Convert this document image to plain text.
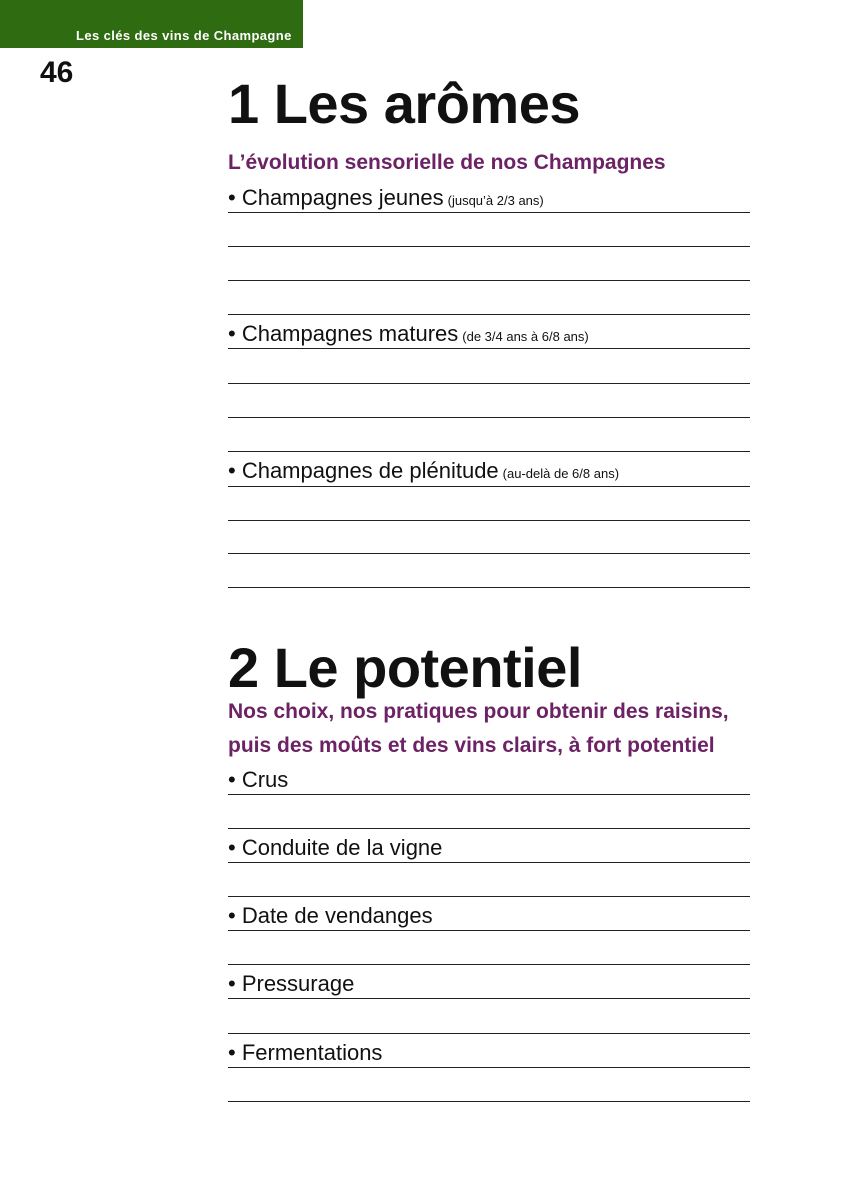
Les clés des vins de Champagne
46	1 Les arômes
L’évolution sensorielle de nos Champagnes
• Champagnes jeunes (jusqu’à 2/3 ans)
• Champagnes matures (de 3/4 ans à 6/8 ans)
• Champagnes de plénitude (au-delà de 6/8 ans)
2 Le potentiel
Nos choix, nos pratiques pour obtenir des raisins,
puis des moûts et des vins clairs, à fort potentiel
• Crus
• Conduite de la vigne
• Date de vendanges
• Pressurage
• Fermentations
